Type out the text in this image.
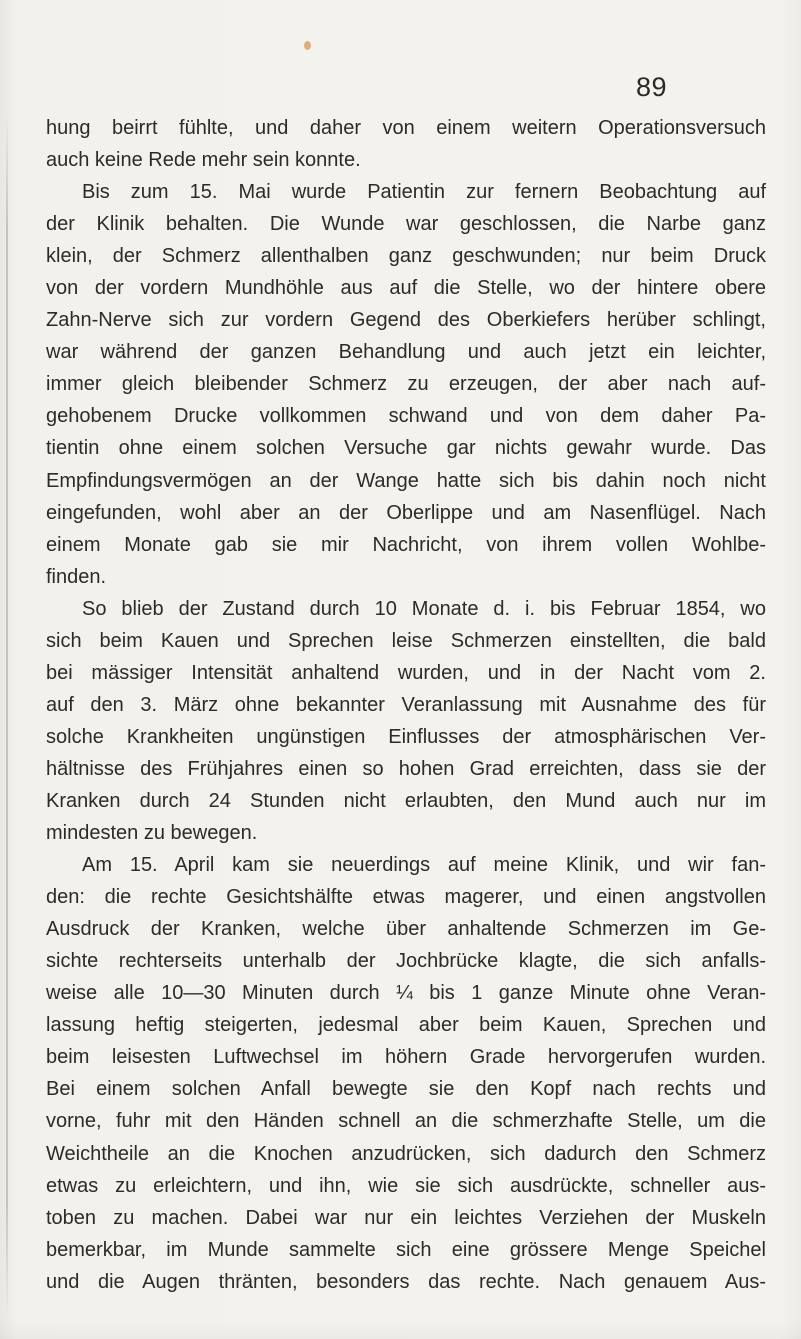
89
hung beirrt fühlte, und daher von einem weitern Operationsversuch
auch keine Rede mehr sein konnte.
Bis zum 15. Mai wurde Patientin zur fernern Beobachtung auf
der Klinik behalten. Die Wunde war geschlossen, die Narbe ganz
klein, der Schmerz allenthalben ganz geschwunden; nur beim Druck
von der vordern Mundhöhle aus auf die Stelle, wo der hintere obere
Zahn-Nerve sich zur vordern Gegend des Oberkiefers herüber schlingt,
war während der ganzen Behandlung und auch jetzt ein leichter,
immer gleich bleibender Schmerz zu erzeugen, der aber nach auf-
gehobenem Drucke vollkommen schwand und von dem daher Pa-
tientin ohne einem solchen Versuche gar nichts gewahr wurde. Das
Empfindungsvermögen an der Wange hatte sich bis dahin noch nicht
eingefunden, wohl aber an der Oberlippe und am Nasenflügel. Nach
einem Monate gab sie mir Nachricht, von ihrem vollen Wohlbe-
finden.
So blieb der Zustand durch 10 Monate d. i. bis Februar 1854, wo
sich beim Kauen und Sprechen leise Schmerzen einstellten, die bald
bei mässiger Intensität anhaltend wurden, und in der Nacht vom 2.
auf den 3. März ohne bekannter Veranlassung mit Ausnahme des für
solche Krankheiten ungünstigen Einflusses der atmosphärischen Ver-
hältnisse des Frühjahres einen so hohen Grad erreichten, dass sie der
Kranken durch 24 Stunden nicht erlaubten, den Mund auch nur im
mindesten zu bewegen.
Am 15. April kam sie neuerdings auf meine Klinik, und wir fan-
den: die rechte Gesichtshälfte etwas magerer, und einen angstvollen
Ausdruck der Kranken, welche über anhaltende Schmerzen im Ge-
sichte rechterseits unterhalb der Jochbrücke klagte, die sich anfalls-
weise alle 10—30 Minuten durch ¼ bis 1 ganze Minute ohne Veran-
lassung heftig steigerten, jedesmal aber beim Kauen, Sprechen und
beim leisesten Luftwechsel im höhern Grade hervorgerufen wurden.
Bei einem solchen Anfall bewegte sie den Kopf nach rechts und
vorne, fuhr mit den Händen schnell an die schmerzhafte Stelle, um die
Weichtheile an die Knochen anzudrücken, sich dadurch den Schmerz
etwas zu erleichtern, und ihn, wie sie sich ausdrückte, schneller aus-
toben zu machen. Dabei war nur ein leichtes Verziehen der Muskeln
bemerkbar, im Munde sammelte sich eine grössere Menge Speichel
und die Augen thränten, besonders das rechte. Nach genauem Aus-
